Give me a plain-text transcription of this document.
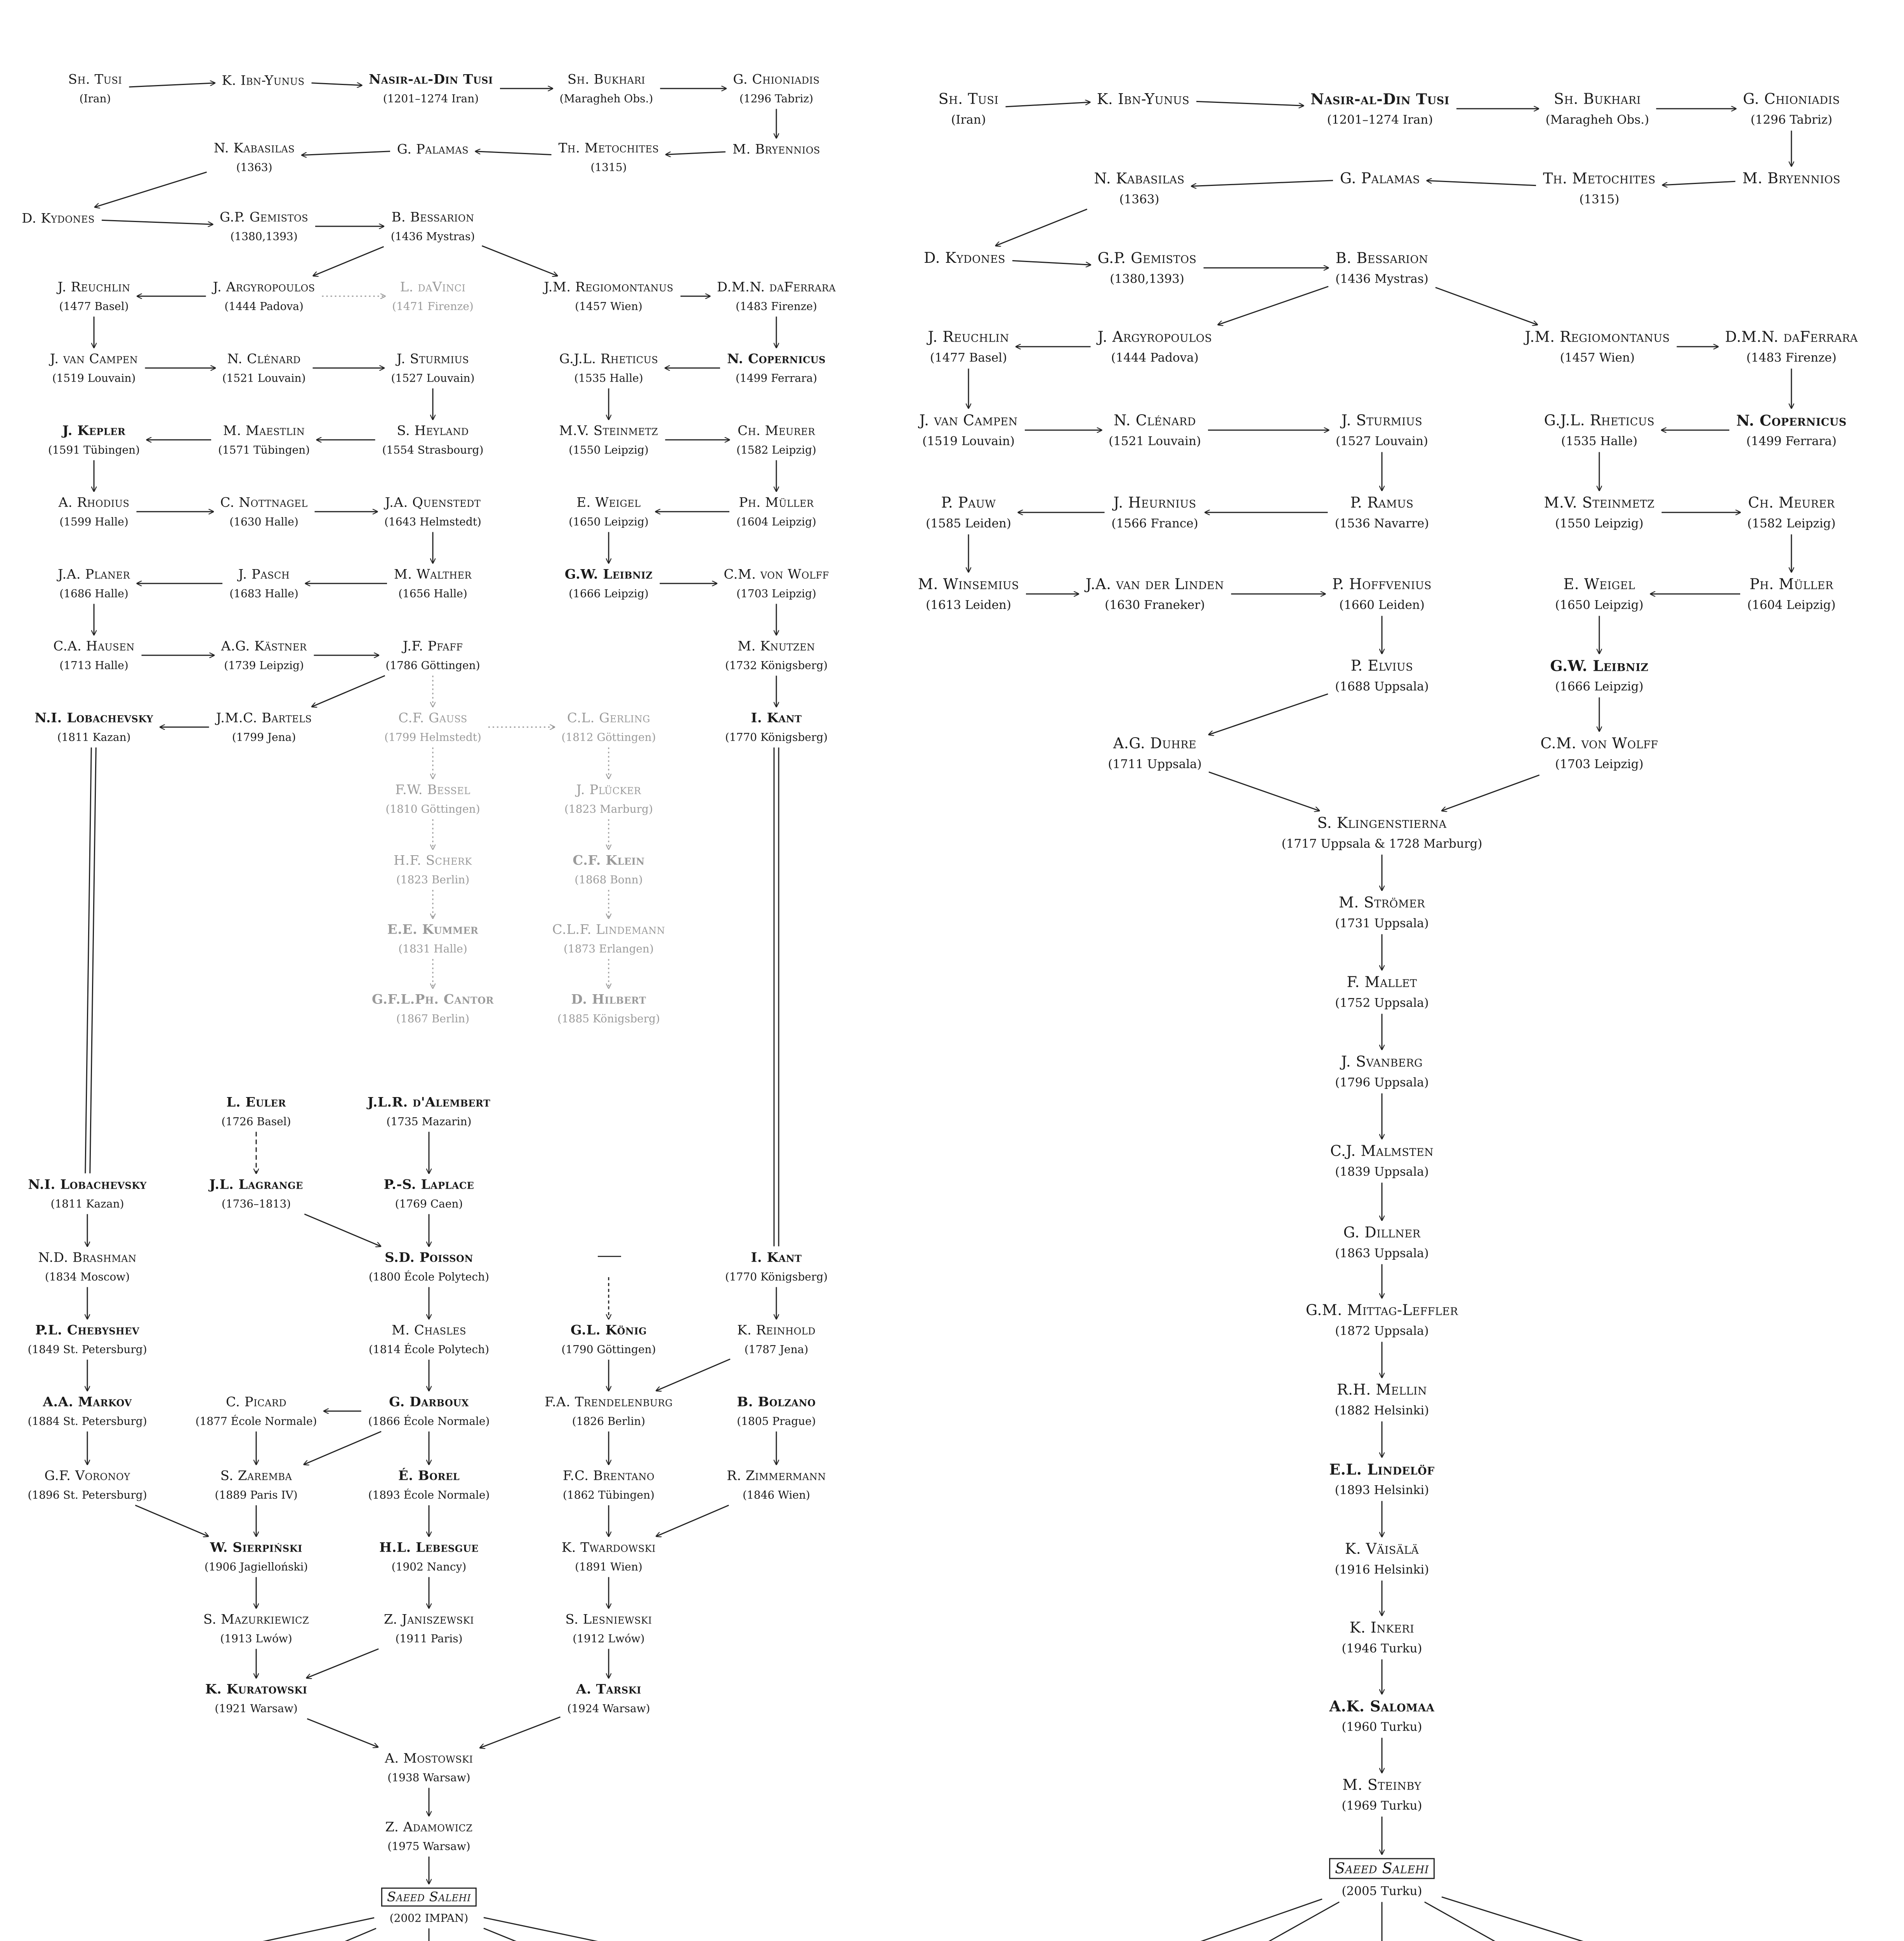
Sh. Tusi
(Iran)
K. Ibn-Yunus	Nasir-al-Din Tusi
(1201–1274 Iran)
Sh. Bukhari
(Maragheh Obs.)
G. Chioniadis
(1296 Tabriz)
N. Kabasilas
(1363)
G. Palamas	Th. Metochites
(1315)
M. Bryennios
D. Kydones	G.P. Gemistos
(1380,1393)
B. Bessarion
(1436 Mystras)
J. Reuchlin
(1477 Basel)
J. Argyropoulos
(1444 Padova)
L. daVinci
(1471 Firenze)
J.M. Regiomontanus
(1457 Wien)
D.M.N. daFerrara
(1483 Firenze)
J. van Campen
(1519 Louvain)
N. Clénard
(1521 Louvain)
J. Sturmius
(1527 Louvain)
G.J.L. Rheticus
(1535 Halle)
N. Copernicus
(1499 Ferrara)
J. Kepler
(1591 Tübingen)
M. Maestlin
(1571 Tübingen)
S. Heyland
(1554 Strasbourg)
M.V. Steinmetz
(1550 Leipzig)
Ch. Meurer
(1582 Leipzig)
A. Rhodius
(1599 Halle)
C. Nottnagel
(1630 Halle)
J.A. Quenstedt
(1643 Helmstedt)
E. Weigel
(1650 Leipzig)
Ph. Müller
(1604 Leipzig)
J.A. Planer
(1686 Halle)
J. Pasch
(1683 Halle)
M. Walther
(1656 Halle)
G.W. Leibniz
(1666 Leipzig)
C.M. von Wolff
(1703 Leipzig)
C.A. Hausen
(1713 Halle)
A.G. Kästner
(1739 Leipzig)
J.F. Pfaff
(1786 Göttingen)
M. Knutzen
(1732 Königsberg)
N.I. Lobachevsky
(1811 Kazan)
J.M.C. Bartels
(1799 Jena)
C.F. Gauss
(1799 Helmstedt)
C.L. Gerling
(1812 Göttingen)
I. Kant
(1770 Königsberg)
F.W. Bessel
(1810 Göttingen)
J. Plücker
(1823 Marburg)
H.F. Scherk
(1823 Berlin)
C.F. Klein
(1868 Bonn)
E.E. Kummer
(1831 Halle)
C.L.F. Lindemann
(1873 Erlangen)
G.F.L.Ph. Cantor
(1867 Berlin)
D. Hilbert
(1885 Königsberg)
L. Euler
(1726 Basel)
J.L.R. d'Alembert
(1735 Mazarin)
N.I. Lobachevsky
(1811 Kazan)
J.L. Lagrange
(1736–1813)
P.-S. Laplace
(1769 Caen)
N.D. Brashman
(1834 Moscow)
S.D. Poisson
(1800 École Polytech)
I. Kant
(1770 Königsberg)
P.L. Chebyshev
(1849 St. Petersburg)
M. Chasles
(1814 École Polytech)
G.L. König
(1790 Göttingen)
K. Reinhold
(1787 Jena)
A.A. Markov
(1884 St. Petersburg)
C. Picard
(1877 École Normale)
G. Darboux
(1866 École Normale)
F.A. Trendelenburg
(1826 Berlin)
B. Bolzano
(1805 Prague)
G.F. Voronoy
(1896 St. Petersburg)
S. Zaremba
(1889 Paris IV)
É. Borel
(1893 École Normale)
F.C. Brentano
(1862 Tübingen)
R. Zimmermann
(1846 Wien)
W. Sierpiński
(1906 Jagielloński)
H.L. Lebesgue
(1902 Nancy)
K. Twardowski
(1891 Wien)
S. Mazurkiewicz
(1913 Lwów)
Z. Janiszewski
(1911 Paris)
S. Lesniewski
(1912 Lwów)
K. Kuratowski
(1921 Warsaw)
A. Tarski
(1924 Warsaw)
A. Mostowski
(1938 Warsaw)
Z. Adamowicz
(1975 Warsaw)
Saeed Salehi
(2002 IMPAN)
Sh. Tusi
(Iran)
K. Ibn-Yunus	Nasir-al-Din Tusi
(1201–1274 Iran)
Sh. Bukhari
(Maragheh Obs.)
G. Chioniadis
(1296 Tabriz)
N. Kabasilas
(1363)
G. Palamas	Th. Metochites
(1315)
M. Bryennios
D. Kydones	G.P. Gemistos
(1380,1393)
B. Bessarion
(1436 Mystras)
J. Reuchlin
(1477 Basel)
J. Argyropoulos
(1444 Padova)
J.M. Regiomontanus
(1457 Wien)
D.M.N. daFerrara
(1483 Firenze)
J. van Campen
(1519 Louvain)
N. Clénard
(1521 Louvain)
J. Sturmius
(1527 Louvain)
G.J.L. Rheticus
(1535 Halle)
N. Copernicus
(1499 Ferrara)
P. Pauw
(1585 Leiden)
J. Heurnius
(1566 France)
P. Ramus
(1536 Navarre)
M.V. Steinmetz
(1550 Leipzig)
Ch. Meurer
(1582 Leipzig)
M. Winsemius
(1613 Leiden)
J.A. van der Linden
(1630 Franeker)
P. Hoffvenius
(1660 Leiden)
E. Weigel
(1650 Leipzig)
Ph. Müller
(1604 Leipzig)
P. Elvius
(1688 Uppsala)
G.W. Leibniz
(1666 Leipzig)
A.G. Duhre
(1711 Uppsala)
C.M. von Wolff
(1703 Leipzig)
S. Klingenstierna
(1717 Uppsala & 1728 Marburg)
M. Strömer
(1731 Uppsala)
F. Mallet
(1752 Uppsala)
J. Svanberg
(1796 Uppsala)
C.J. Malmsten
(1839 Uppsala)
G. Dillner
(1863 Uppsala)
G.M. Mittag-Leffler
(1872 Uppsala)
R.H. Mellin
(1882 Helsinki)
E.L. Lindelöf
(1893 Helsinki)
K. Väisälä
(1916 Helsinki)
K. Inkeri
(1946 Turku)
A.K. Salomaa
(1960 Turku)
M. Steinby
(1969 Turku)
Saeed Salehi
(2005 Turku)
